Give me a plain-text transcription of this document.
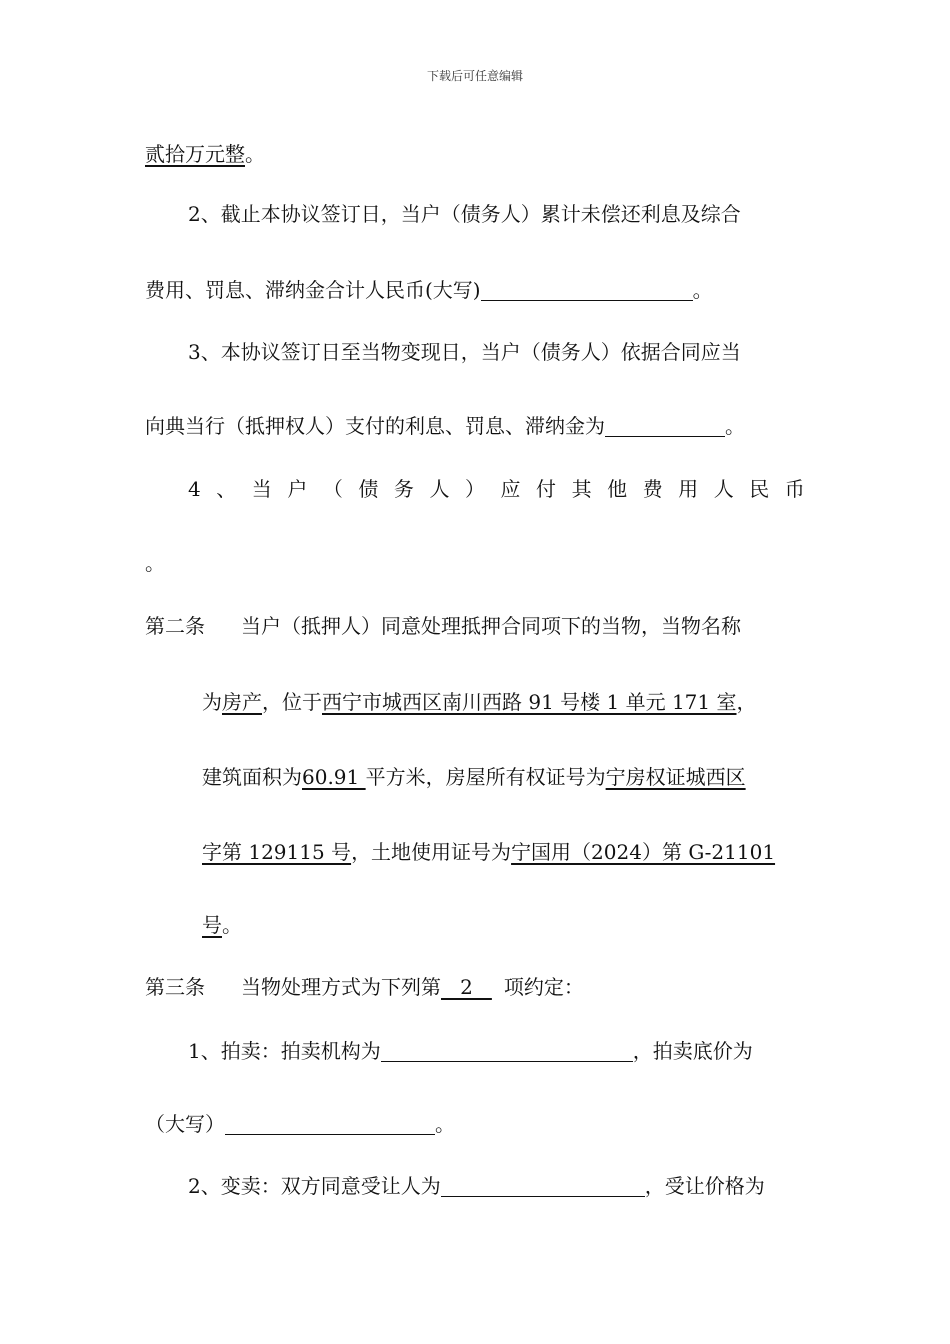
下载后可任意编辑
贰拾万元整。
2、截止本协议签订日，当户（债务人）累计未偿还利息及综合
费用、罚息、滞纳金合计人民币(大写)	。
3、本协议签订日至当物变现日，当户（债务人）依据合同应当
向典当行（抵押权人）支付的利息、罚息、滞纳金为	。
4 、 当 户 （ 债 务 人 ） 应 付 其 他 费 用 人 民 币
。
第二条 当户（抵押人）同意处理抵押合同项下的当物，当物名称
为房产，位于西宁市城西区南川西路 91 号楼 1 单元 171 室，
建筑面积为60.91 平方米，房屋所有权证号为宁房权证城西区
字第 129115 号，土地使用证号为宁国用（2024）第 G-21101
号。
第三条 当物处理方式为下列第   2   项约定：
1、拍卖：拍卖机构为	，拍卖底价为
（大写）	。
2、变卖：双方同意受让人为	，受让价格为
